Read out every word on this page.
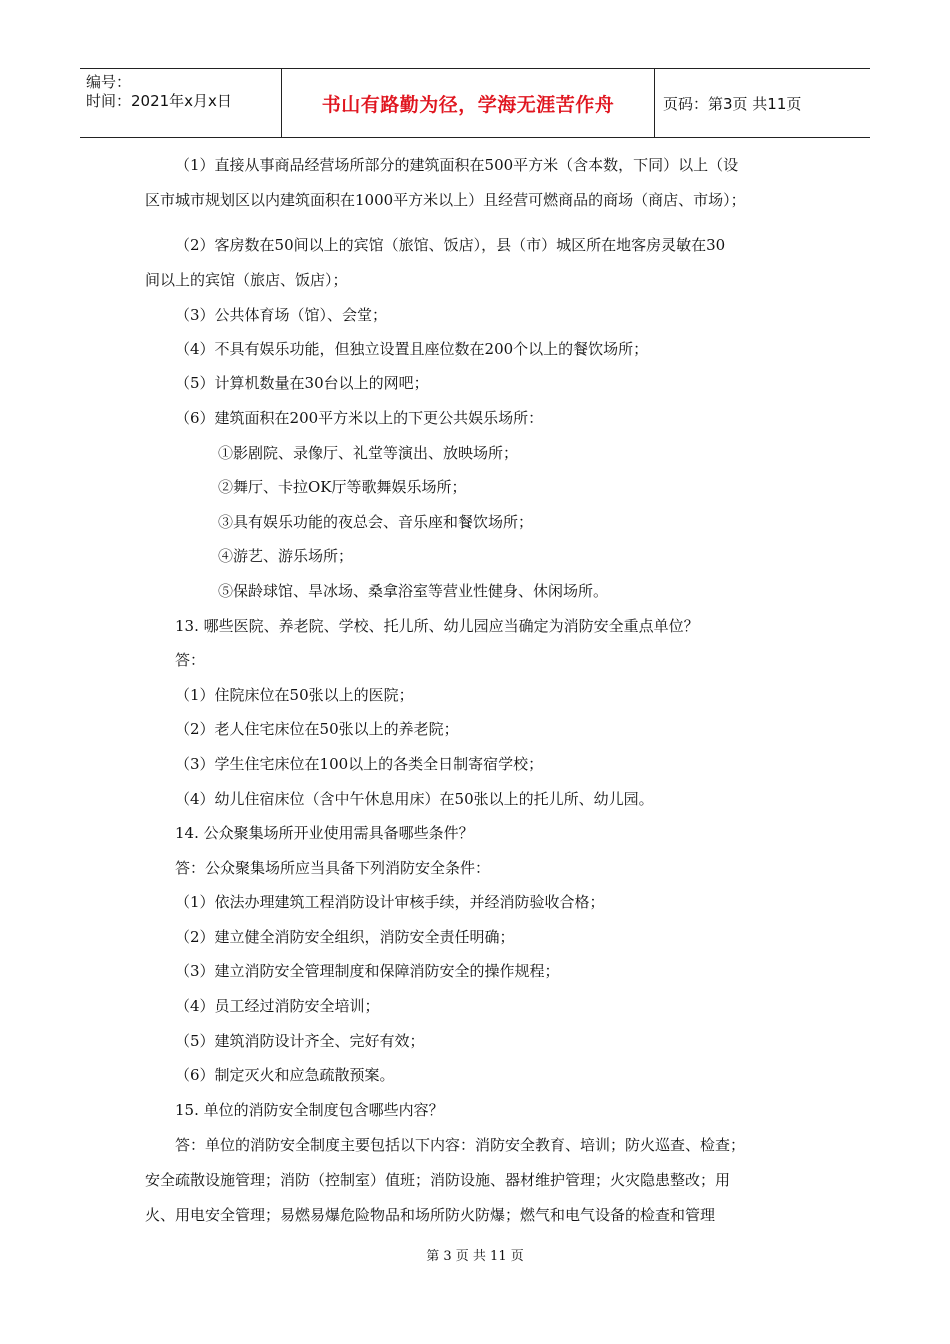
编号：
时间：2021年x月x日	书山有路勤为径，学海无涯苦作舟	页码：第3页 共11页
（1）直接从事商品经营场所部分的建筑面积在500平方米（含本数，下同）以上（设
区市城市规划区以内建筑面积在1000平方米以上）且经营可燃商品的商场（商店、市场）；
（2）客房数在50间以上的宾馆（旅馆、饭店），县（市）城区所在地客房灵敏在30
间以上的宾馆（旅店、饭店）；
（3）公共体育场（馆）、会堂；
（4）不具有娱乐功能，但独立设置且座位数在200个以上的餐饮场所；
（5）计算机数量在30台以上的网吧；
（6）建筑面积在200平方米以上的下更公共娱乐场所：
①影剧院、录像厅、礼堂等演出、放映场所；
②舞厅、卡拉OK厅等歌舞娱乐场所；
③具有娱乐功能的夜总会、音乐座和餐饮场所；
④游艺、游乐场所；
⑤保龄球馆、旱冰场、桑拿浴室等营业性健身、休闲场所。
13. 哪些医院、养老院、学校、托儿所、幼儿园应当确定为消防安全重点单位？
答：
（1）住院床位在50张以上的医院；
（2）老人住宅床位在50张以上的养老院；
（3）学生住宅床位在100以上的各类全日制寄宿学校；
（4）幼儿住宿床位（含中午休息用床）在50张以上的托儿所、幼儿园。
14. 公众聚集场所开业使用需具备哪些条件？
答：公众聚集场所应当具备下列消防安全条件：
（1）依法办理建筑工程消防设计审核手续，并经消防验收合格；
（2）建立健全消防安全组织，消防安全责任明确；
（3）建立消防安全管理制度和保障消防安全的操作规程；
（4）员工经过消防安全培训；
（5）建筑消防设计齐全、完好有效；
（6）制定灭火和应急疏散预案。
15. 单位的消防安全制度包含哪些内容？
答：单位的消防安全制度主要包括以下内容：消防安全教育、培训；防火巡查、检查；
安全疏散设施管理；消防（控制室）值班；消防设施、器材维护管理；火灾隐患整改；用
火、用电安全管理；易燃易爆危险物品和场所防火防爆；燃气和电气设备的检查和管理
第 3 页 共 11 页
